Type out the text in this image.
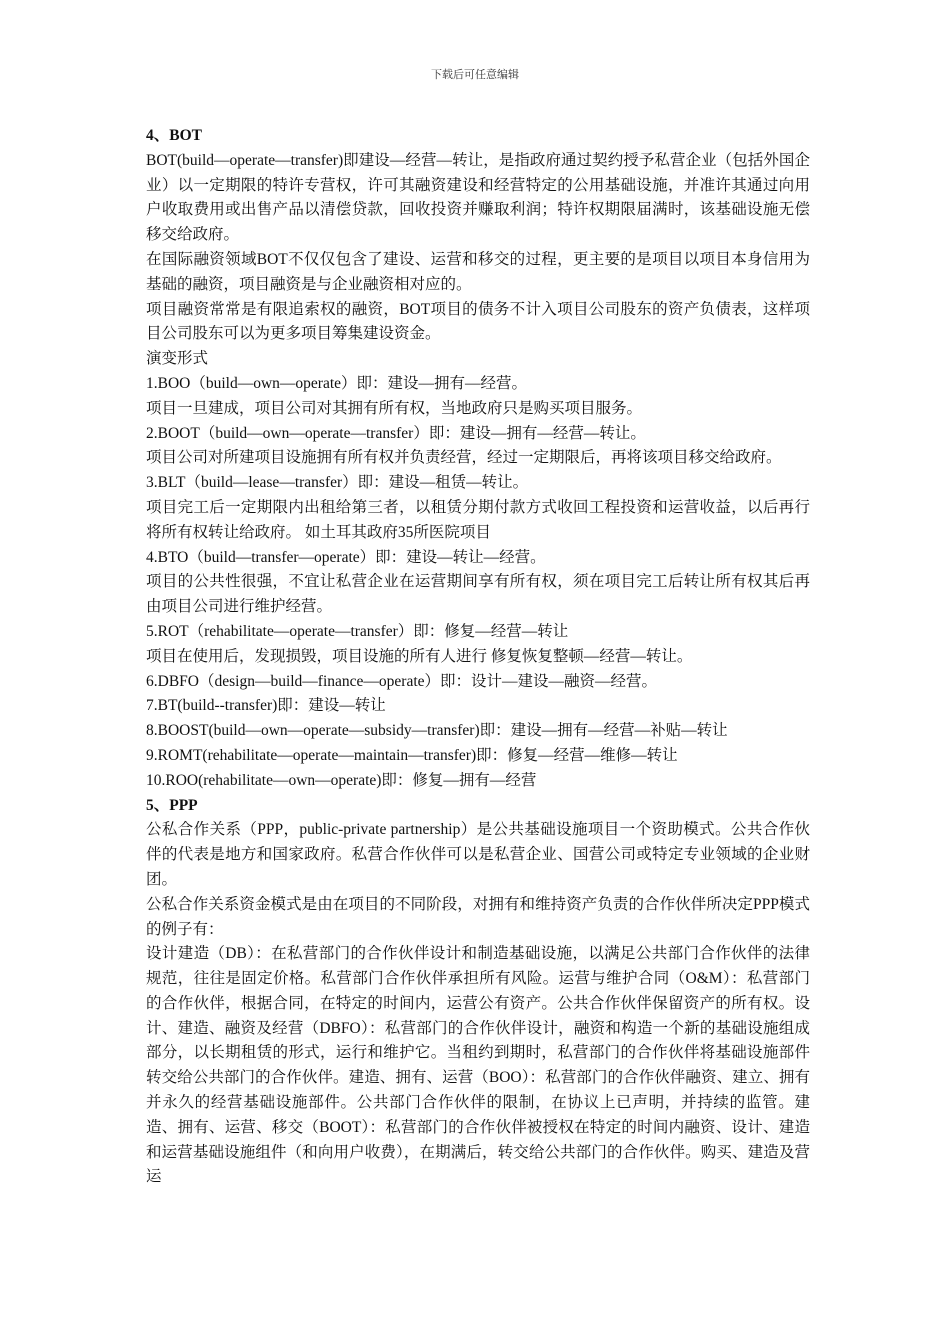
下载后可任意编辑

4、BOT

BOT(build—operate—transfer)即建设—经营—转让，是指政府通过契约授予私营企业（包括外国企业）以一定期限的特许专营权，许可其融资建设和经营特定的公用基础设施，并准许其通过向用户收取费用或出售产品以清偿贷款，回收投资并赚取利润；特许权期限届满时，该基础设施无偿移交给政府。

在国际融资领域BOT不仅仅包含了建设、运营和移交的过程，更主要的是项目以项目本身信用为基础的融资，项目融资是与企业融资相对应的。

项目融资常常是有限追索权的融资，BOT项目的债务不计入项目公司股东的资产负债表，这样项目公司股东可以为更多项目筹集建设资金。

演变形式

1.BOO（build—own—operate）即：建设—拥有—经营。

项目一旦建成，项目公司对其拥有所有权，当地政府只是购买项目服务。

2.BOOT（build—own—operate—transfer）即：建设—拥有—经营—转让。

项目公司对所建项目设施拥有所有权并负责经营，经过一定期限后，再将该项目移交给政府。

3.BLT（build—lease—transfer）即：建设—租赁—转让。

项目完工后一定期限内出租给第三者，以租赁分期付款方式收回工程投资和运营收益，以后再行将所有权转让给政府。 如土耳其政府35所医院项目

4.BTO（build—transfer—operate）即：建设—转让—经营。

项目的公共性很强，不宜让私营企业在运营期间享有所有权，须在项目完工后转让所有权其后再由项目公司进行维护经营。

5.ROT（rehabilitate—operate—transfer）即：修复—经营—转让

项目在使用后，发现损毁，项目设施的所有人进行 修复恢复整顿—经营—转让。

6.DBFO（design—build—finance—operate）即：设计—建设—融资—经营。

7.BT(build--transfer)即：建设—转让

8.BOOST(build—own—operate—subsidy—transfer)即：建设—拥有—经营—补贴—转让

9.ROMT(rehabilitate—operate—maintain—transfer)即：修复—经营—维修—转让

10.ROO(rehabilitate—own—operate)即：修复—拥有—经营

5、PPP

公私合作关系（PPP，public-private partnership）是公共基础设施项目一个资助模式。公共合作伙伴的代表是地方和国家政府。私营合作伙伴可以是私营企业、国营公司或特定专业领域的企业财团。

公私合作关系资金模式是由在项目的不同阶段，对拥有和维持资产负责的合作伙伴所决定PPP模式的例子有：

设计建造（DB）：在私营部门的合作伙伴设计和制造基础设施，以满足公共部门合作伙伴的法律规范，往往是固定价格。私营部门合作伙伴承担所有风险。运营与维护合同（O&M）：私营部门的合作伙伴，根据合同，在特定的时间内，运营公有资产。公共合作伙伴保留资产的所有权。设计、建造、融资及经营（DBFO）：私营部门的合作伙伴设计，融资和构造一个新的基础设施组成部分，以长期租赁的形式，运行和维护它。当租约到期时，私营部门的合作伙伴将基础设施部件转交给公共部门的合作伙伴。建造、拥有、运营（BOO）：私营部门的合作伙伴融资、建立、拥有并永久的经营基础设施部件。公共部门合作伙伴的限制，在协议上已声明，并持续的监管。建造、拥有、运营、移交（BOOT）：私营部门的合作伙伴被授权在特定的时间内融资、设计、建造和运营基础设施组件（和向用户收费），在期满后，转交给公共部门的合作伙伴。购买、建造及营运
